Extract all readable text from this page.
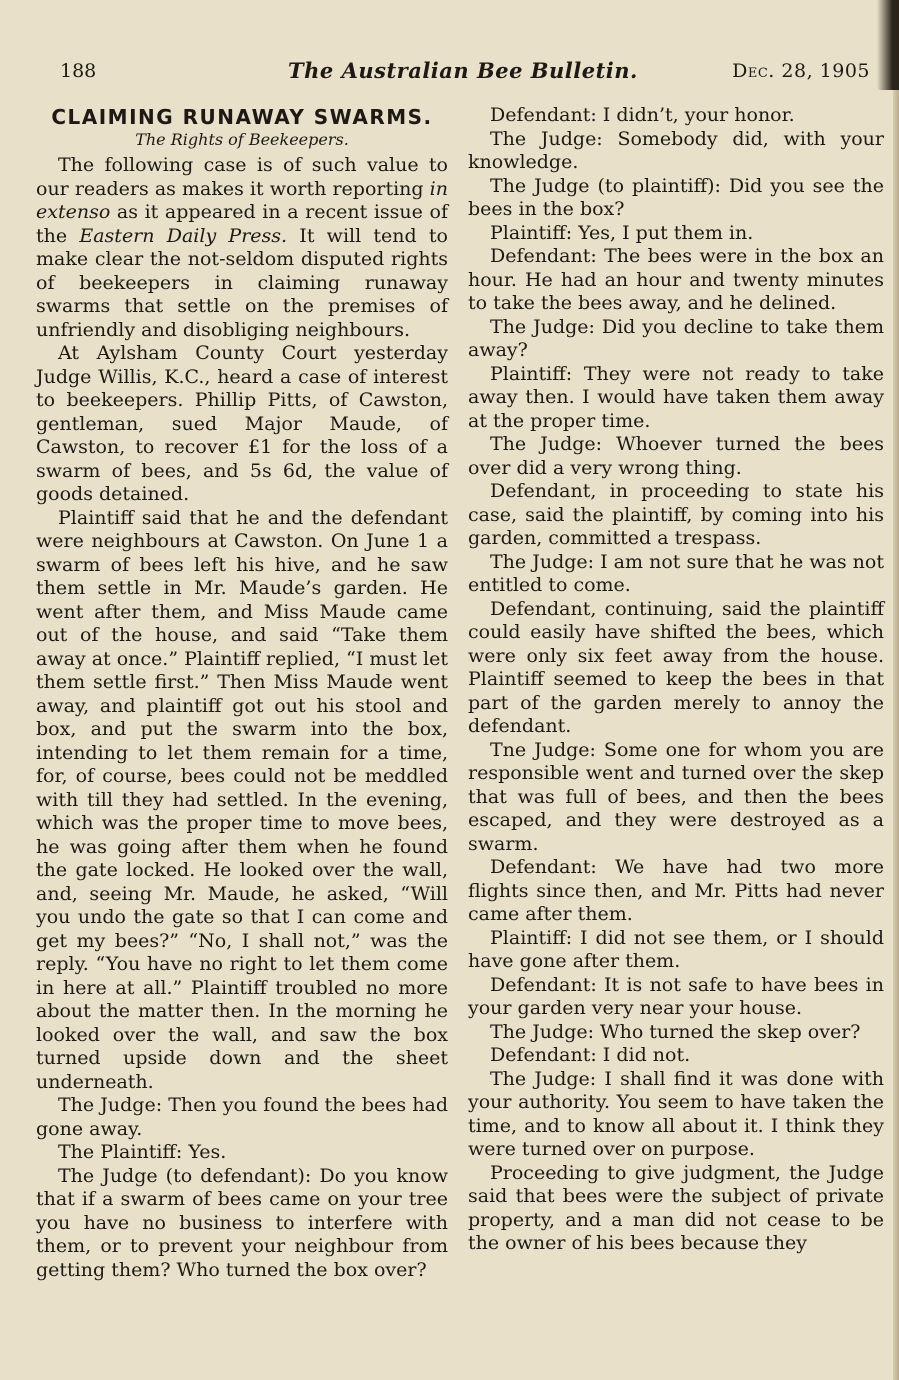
188	The Australian Bee Bulletin.	Dec. 28, 1905
CLAIMING RUNAWAY SWARMS.
The Rights of Beekeepers.

The following case is of such value to our readers as makes it worth reporting in extenso as it appeared in a recent issue of the Eastern Daily Press. It will tend to make clear the not-seldom disputed rights of beekeepers in claiming runaway swarms that settle on the premises of unfriendly and disobliging neighbours.

At Aylsham County Court yesterday Judge Willis, K.C., heard a case of interest to beekeepers. Phillip Pitts, of Cawston, gentleman, sued Major Maude, of Cawston, to recover £1 for the loss of a swarm of bees, and 5s 6d, the value of goods detained.

Plaintiff said that he and the defendant were neighbours at Cawston. On June 1 a swarm of bees left his hive, and he saw them settle in Mr. Maude’s garden. He went after them, and Miss Maude came out of the house, and said “Take them away at once.” Plaintiff replied, “I must let them settle first.” Then Miss Maude went away, and plaintiff got out his stool and box, and put the swarm into the box, intending to let them remain for a time, for, of course, bees could not be meddled with till they had settled. In the evening, which was the proper time to move bees, he was going after them when he found the gate locked. He looked over the wall, and, seeing Mr. Maude, he asked, “Will you undo the gate so that I can come and get my bees?” “No, I shall not,” was the reply. “You have no right to let them come in here at all.” Plaintiff troubled no more about the matter then. In the morning he looked over the wall, and saw the box turned upside down and the sheet underneath.

The Judge: Then you found the bees had gone away.

The Plaintiff: Yes.

The Judge (to defendant): Do you know that if a swarm of bees came on your tree you have no business to interfere with them, or to prevent your neighbour from getting them? Who turned the box over?

Defendant: I didn’t, your honor.

The Judge: Somebody did, with your knowledge.

The Judge (to plaintiff): Did you see the bees in the box?

Plaintiff: Yes, I put them in.

Defendant: The bees were in the box an hour. He had an hour and twenty minutes to take the bees away, and he delined.

The Judge: Did you decline to take them away?

Plaintiff: They were not ready to take away then. I would have taken them away at the proper time.

The Judge: Whoever turned the bees over did a very wrong thing.

Defendant, in proceeding to state his case, said the plaintiff, by coming into his garden, committed a trespass.

The Judge: I am not sure that he was not entitled to come.

Defendant, continuing, said the plaintiff could easily have shifted the bees, which were only six feet away from the house. Plaintiff seemed to keep the bees in that part of the garden merely to annoy the defendant.

Tne Judge: Some one for whom you are responsible went and turned over the skep that was full of bees, and then the bees escaped, and they were destroyed as a swarm.

Defendant: We have had two more flights since then, and Mr. Pitts had never came after them.

Plaintiff: I did not see them, or I should have gone after them.

Defendant: It is not safe to have bees in your garden very near your house.

The Judge: Who turned the skep over?

Defendant: I did not.

The Judge: I shall find it was done with your authority. You seem to have taken the time, and to know all about it. I think they were turned over on purpose.

Proceeding to give judgment, the Judge said that bees were the subject of private property, and a man did not cease to be the owner of his bees because they
